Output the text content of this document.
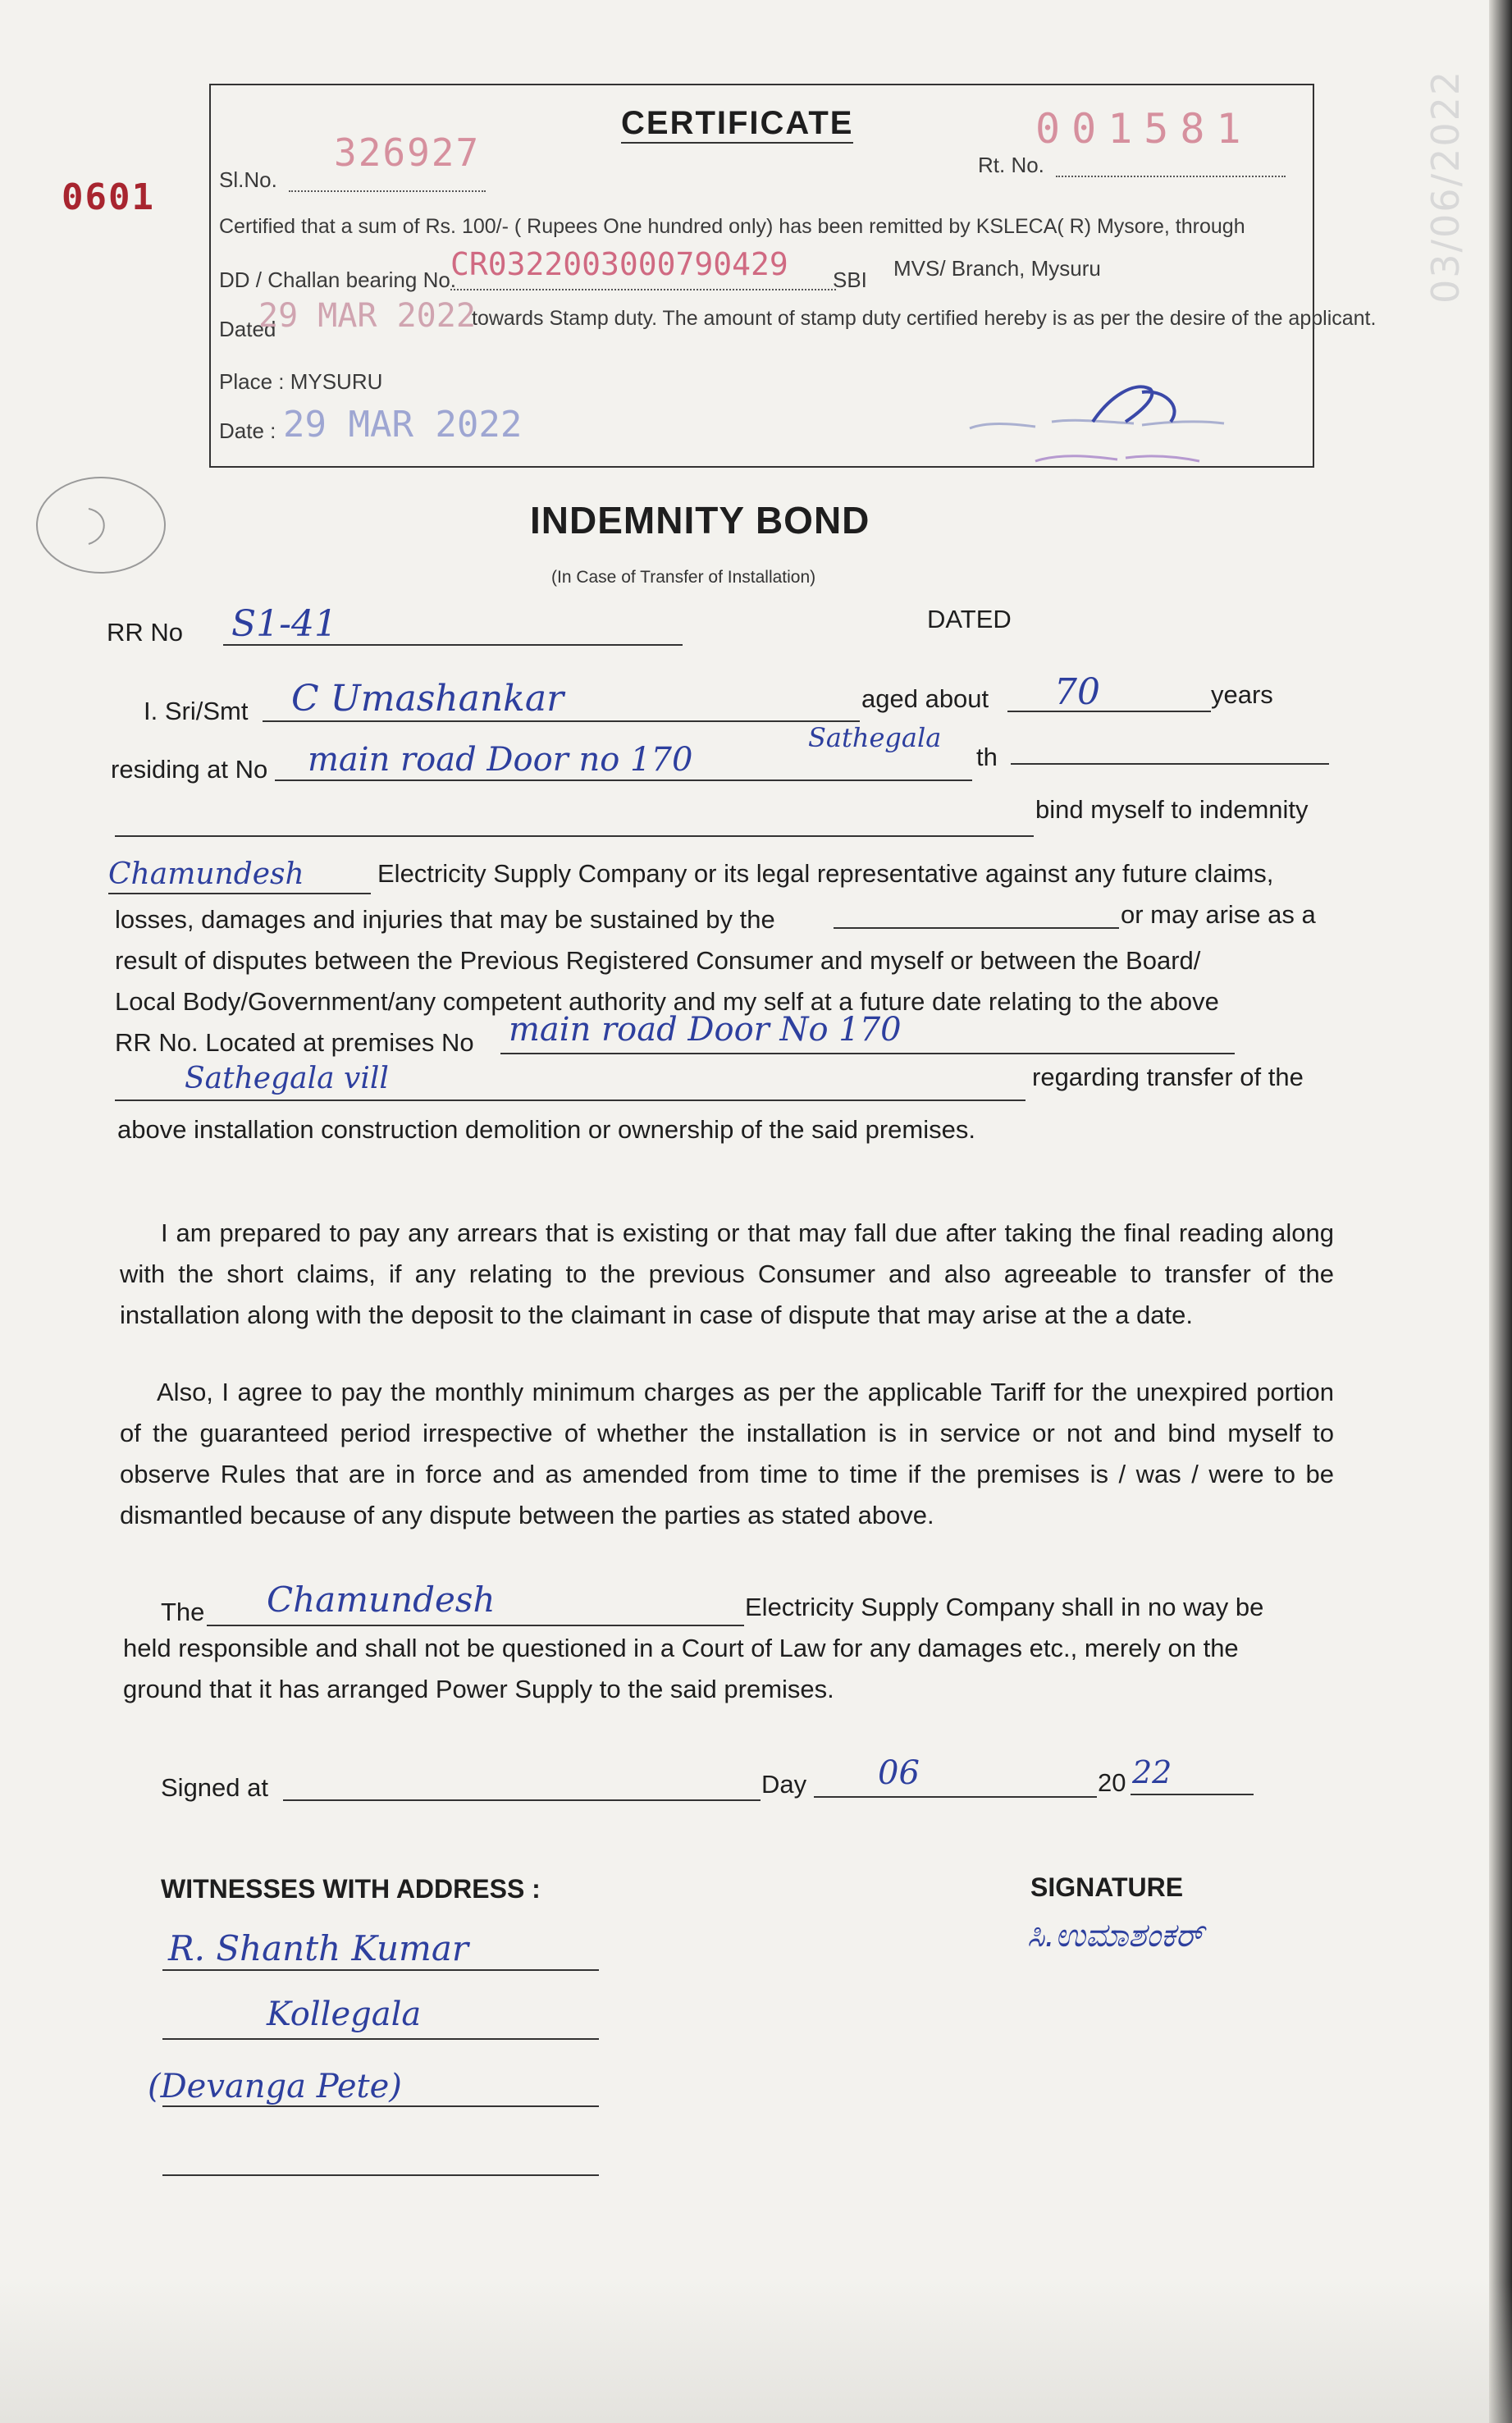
0601	03/06/2022
CERTIFICATE
Sl.No.
326927	Rt. No.
001581
Certified that a sum of Rs. 100/- ( Rupees One hundred only) has been remitted by KSLECA( R) Mysore, through
DD / Challan bearing No.
CR0322003000790429 SBI MVS/ Branch, Mysuru
Dated
29 MAR 2022
towards Stamp duty. The amount of stamp duty certified hereby is as per the desire of the applicant.
Place : MYSURU
Date : 29 MAR 2022
INDEMNITY BOND
(In Case of Transfer of Installation)
RR No S1-41	DATED
I. Sri/Smt C Umashankar	aged about 70	years
residing at No main road Door no 170
Sathegala
th
bind myself to indemnity
Chamundesh	Electricity Supply Company or its legal representative against any future claims,
losses, damages and injuries that may be sustained by the	or may arise as a
result of disputes between the Previous Registered Consumer and myself or between the Board/
Local Body/Government/any competent authority and my self at a future date relating to the above
RR No. Located at premises No main road Door No 170
Sathegala vill	regarding transfer of the
above installation construction demolition or ownership of the said premises.
I am prepared to pay any arrears that is existing or that may fall due after taking the final reading along with the short claims, if any relating to the previous Consumer and also agreeable to transfer of the installation along with the deposit to the claimant in case of dispute that may arise at the a date.
Also, I agree to pay the monthly minimum charges as per the applicable Tariff for the unexpired portion of the guaranteed period irrespective of whether the installation is in service or not and bind myself to observe Rules that are in force and as amended from time to time if the premises is / was / were to be dismantled because of any dispute between the parties as stated above.
The Chamundesh	Electricity Supply Company shall in no way be
held responsible and shall not be questioned in a Court of Law for any damages etc., merely on the
ground that it has arranged Power Supply to the said premises.
Signed at	Day 06	20 22
WITNESSES WITH ADDRESS :	SIGNATURE
R. Shanth Kumar
Kollegala
(Devanga Pete)
ಸಿ.ಉಮಾಶಂಕರ್
